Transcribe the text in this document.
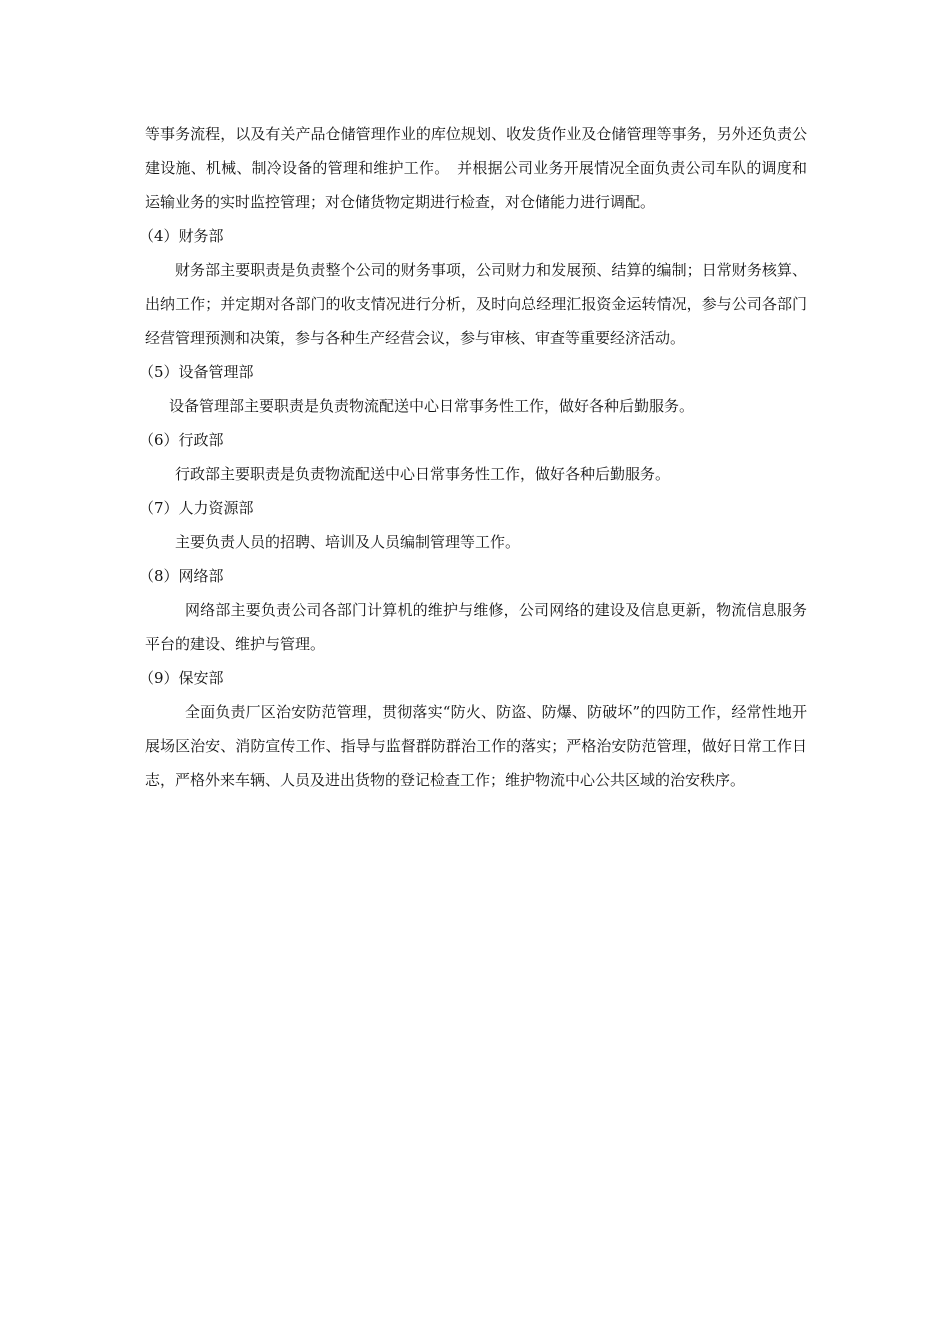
等事务流程，以及有关产品仓储管理作业的库位规划、收发货作业及仓储管理等事务，另外还负责公建设施、机械、制冷设备的管理和维护工作。　并根据公司业务开展情况全面负责公司车队的调度和运输业务的实时监控管理；对仓储货物定期进行检查，对仓储能力进行调配。

（4）财务部

财务部主要职责是负责整个公司的财务事项，公司财力和发展预、结算的编制；日常财务核算、出纳工作；并定期对各部门的收支情况进行分析，及时向总经理汇报资金运转情况，参与公司各部门经营管理预测和决策，参与各种生产经营会议，参与审核、审查等重要经济活动。

（5）设备管理部

设备管理部主要职责是负责物流配送中心日常事务性工作，做好各种后勤服务。

（6）行政部

行政部主要职责是负责物流配送中心日常事务性工作，做好各种后勤服务。

（7）人力资源部

主要负责人员的招聘、培训及人员编制管理等工作。

（8）网络部

网络部主要负责公司各部门计算机的维护与维修，公司网络的建设及信息更新，物流信息服务平台的建设、维护与管理。

（9）保安部

全面负责厂区治安防范管理，贯彻落实“防火、防盗、防爆、防破坏”的四防工作，经常性地开展场区治安、消防宣传工作、指导与监督群防群治工作的落实；严格治安防范管理，做好日常工作日志，严格外来车辆、人员及进出货物的登记检查工作；维护物流中心公共区域的治安秩序。
